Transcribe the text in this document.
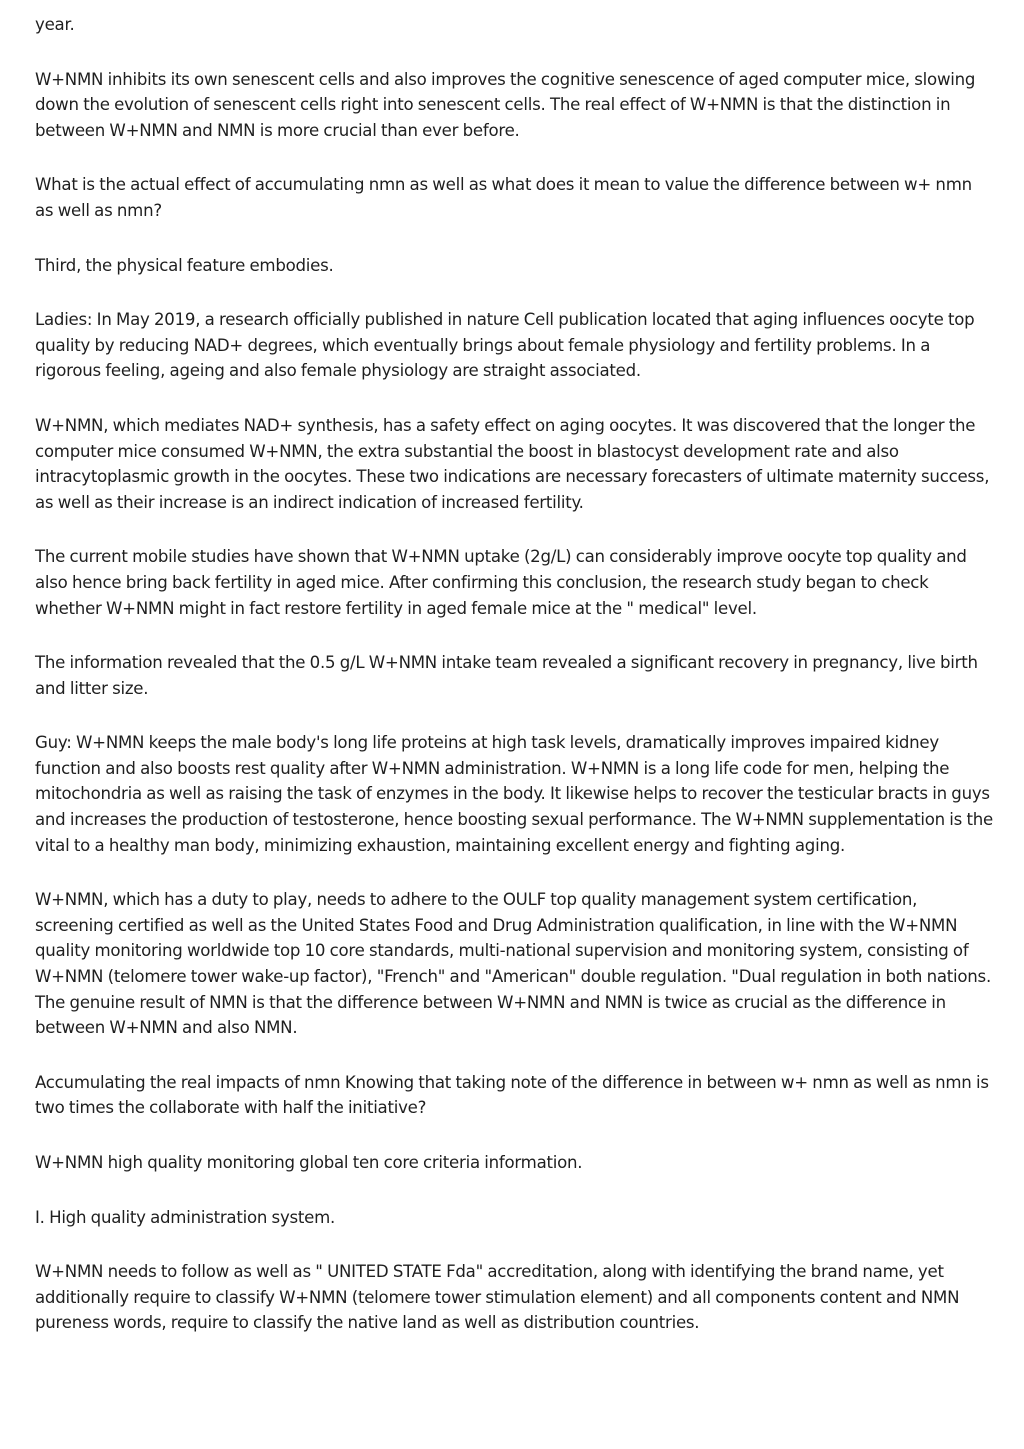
year.

W+NMN inhibits its own senescent cells and also improves the cognitive senescence of aged computer mice, slowing down the evolution of senescent cells right into senescent cells. The real effect of W+NMN is that the distinction in between W+NMN and NMN is more crucial than ever before.

What is the actual effect of accumulating nmn as well as what does it mean to value the difference between w+ nmn as well as nmn?

Third, the physical feature embodies.

Ladies: In May 2019, a research officially published in nature Cell publication located that aging influences oocyte top quality by reducing NAD+ degrees, which eventually brings about female physiology and fertility problems. In a rigorous feeling, ageing and also female physiology are straight associated.

W+NMN, which mediates NAD+ synthesis, has a safety effect on aging oocytes. It was discovered that the longer the computer mice consumed W+NMN, the extra substantial the boost in blastocyst development rate and also intracytoplasmic growth in the oocytes. These two indications are necessary forecasters of ultimate maternity success, as well as their increase is an indirect indication of increased fertility.

The current mobile studies have shown that W+NMN uptake (2g/L) can considerably improve oocyte top quality and also hence bring back fertility in aged mice. After confirming this conclusion, the research study began to check whether W+NMN might in fact restore fertility in aged female mice at the " medical" level.

The information revealed that the 0.5 g/L W+NMN intake team revealed a significant recovery in pregnancy, live birth and litter size.

Guy: W+NMN keeps the male body's long life proteins at high task levels, dramatically improves impaired kidney function and also boosts rest quality after W+NMN administration. W+NMN is a long life code for men, helping the mitochondria as well as raising the task of enzymes in the body. It likewise helps to recover the testicular bracts in guys and increases the production of testosterone, hence boosting sexual performance. The W+NMN supplementation is the vital to a healthy man body, minimizing exhaustion, maintaining excellent energy and fighting aging.

W+NMN, which has a duty to play, needs to adhere to the OULF top quality management system certification, screening certified as well as the United States Food and Drug Administration qualification, in line with the W+NMN quality monitoring worldwide top 10 core standards, multi-national supervision and monitoring system, consisting of W+NMN (telomere tower wake-up factor), "French" and "American" double regulation. "Dual regulation in both nations. The genuine result of NMN is that the difference between W+NMN and NMN is twice as crucial as the difference in between W+NMN and also NMN.

Accumulating the real impacts of nmn Knowing that taking note of the difference in between w+ nmn as well as nmn is two times the collaborate with half the initiative?

W+NMN high quality monitoring global ten core criteria information.

I. High quality administration system.

W+NMN needs to follow as well as " UNITED STATE Fda" accreditation, along with identifying the brand name, yet additionally require to classify W+NMN (telomere tower stimulation element) and all components content and NMN pureness words, require to classify the native land as well as distribution countries.
